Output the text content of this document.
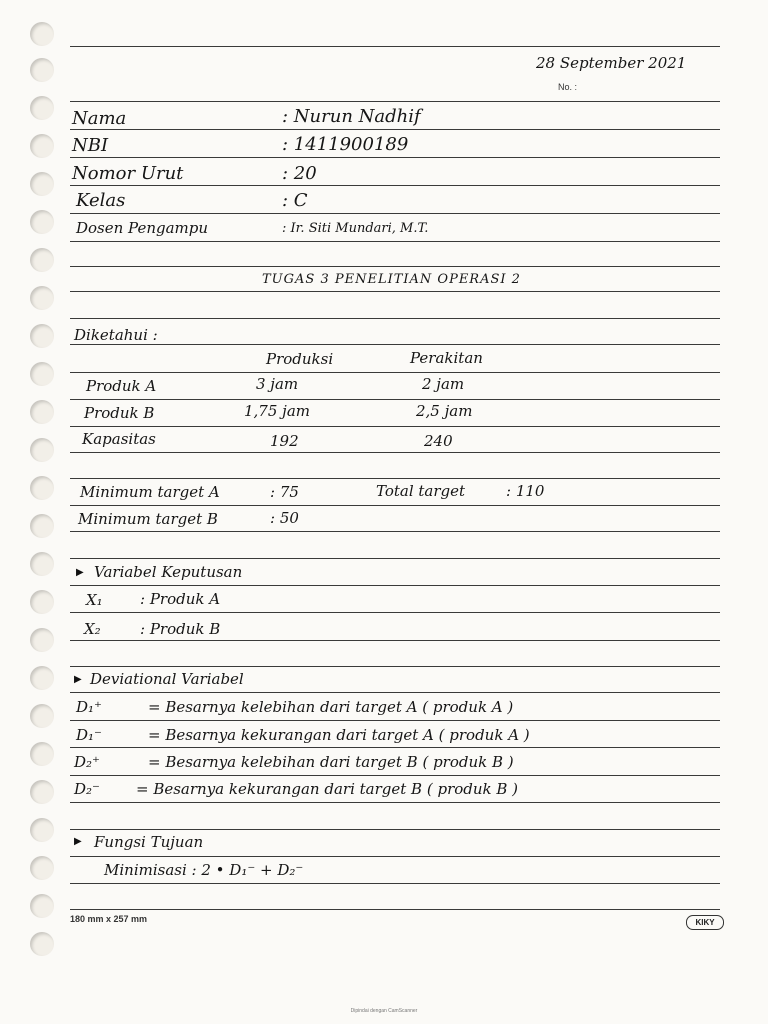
28 September 2021
No. :
Nama	: Nurun Nadhif
NBI	: 1411900189
Nomor Urut	: 20
Kelas	: C
Dosen Pengampu	: Ir. Siti Mundari, M.T.
TUGAS 3 PENELITIAN OPERASI 2
Diketahui :
Produksi	Perakitan
Produk A	3 jam	2 jam
Produk B	1,75 jam	2,5 jam
Kapasitas	192	240
Minimum target A	: 75	Total target	: 110
Minimum target B	: 50
▶ Variabel Keputusan
X₁ : Produk A
X₂	: Produk B
▶ Deviational Variabel
D₁⁺	= Besarnya kelebihan dari target A ( produk A )
D₁⁻	= Besarnya kekurangan dari target A ( produk A )
D₂⁺	= Besarnya kelebihan dari target B ( produk B )
D₂⁻ = Besarnya kekurangan dari target B ( produk B )
▶ Fungsi Tujuan
Minimisasi : 2 • D₁⁻ + D₂⁻
180 mm x 257 mm	KIKY
Dipindai dengan CamScanner
